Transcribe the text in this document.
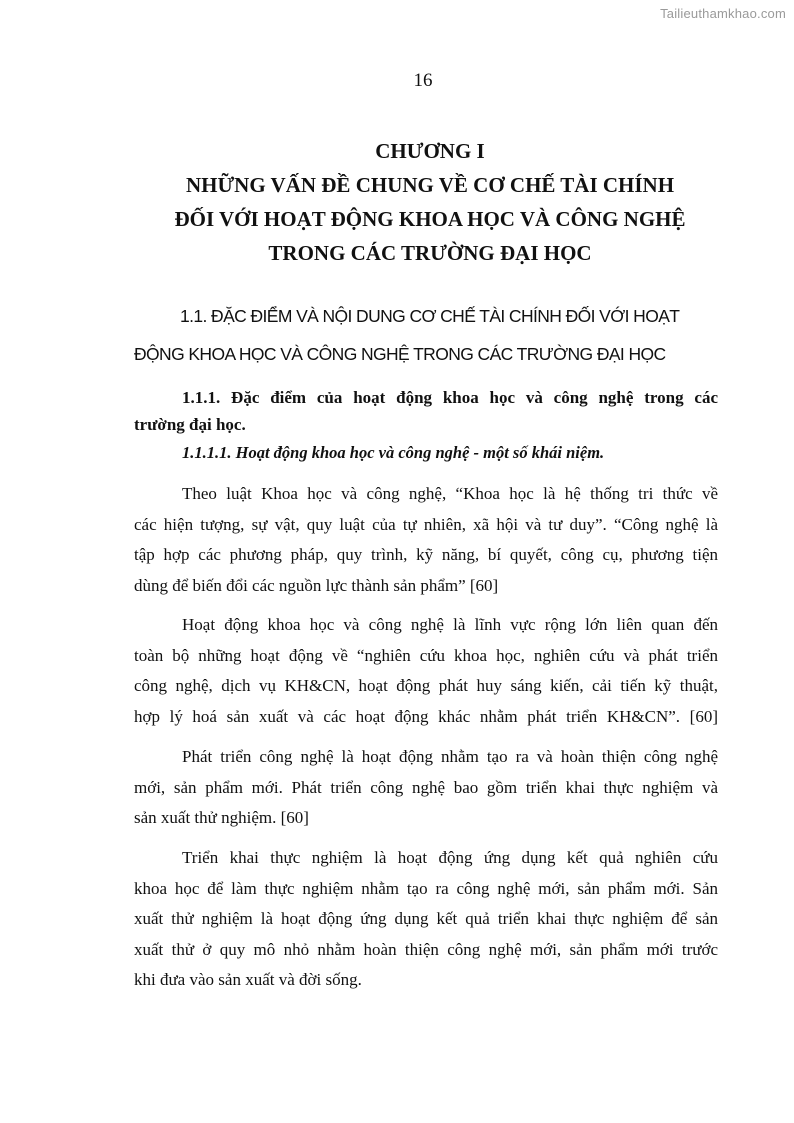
Tailieuthamkhao.com
16
CHƯƠNG I
NHỮNG VẤN ĐỀ CHUNG VỀ CƠ CHẾ TÀI CHÍNH
ĐỐI VỚI HOẠT ĐỘNG KHOA HỌC VÀ CÔNG NGHỆ
TRONG CÁC TRƯỜNG ĐẠI HỌC
1.1. ĐẶC ĐIỂM VÀ NỘI DUNG CƠ CHẾ TÀI CHÍNH ĐỐI VỚI HOẠT
ĐỘNG KHOA HỌC VÀ CÔNG NGHỆ TRONG CÁC TRƯỜNG ĐẠI HỌC
1.1.1. Đặc điểm của hoạt động khoa học và công nghệ trong các
trường đại học.
1.1.1.1. Hoạt động khoa học và công nghệ - một số khái niệm.
Theo luật Khoa học và công nghệ, “Khoa học là hệ thống tri thức về
các hiện tượng, sự vật, quy luật của tự nhiên, xã hội và tư duy”. “Công nghệ là
tập hợp các phương pháp, quy trình, kỹ năng, bí quyết, công cụ, phương tiện
dùng để biến đổi các nguồn lực thành sản phẩm” [60]
Hoạt động khoa học và công nghệ là lĩnh vực rộng lớn liên quan đến
toàn bộ những hoạt động về “nghiên cứu khoa học, nghiên cứu và phát triển
công nghệ, dịch vụ KH&CN, hoạt động phát huy sáng kiến, cải tiến kỹ thuật,
hợp lý hoá sản xuất và các hoạt động khác nhằm phát triển KH&CN”. [60]
Phát triển công nghệ là hoạt động nhằm tạo ra và hoàn thiện công nghệ
mới, sản phẩm mới. Phát triển công nghệ bao gồm triển khai thực nghiệm và
sản xuất thử nghiệm. [60]
Triển khai thực nghiệm là hoạt động ứng dụng kết quả nghiên cứu
khoa học để làm thực nghiệm nhằm tạo ra công nghệ mới, sản phẩm mới. Sản
xuất thử nghiệm là hoạt động ứng dụng kết quả triển khai thực nghiệm để sản
xuất thử ở quy mô nhỏ nhằm hoàn thiện công nghệ mới, sản phẩm mới trước
khi đưa vào sản xuất và đời sống.
